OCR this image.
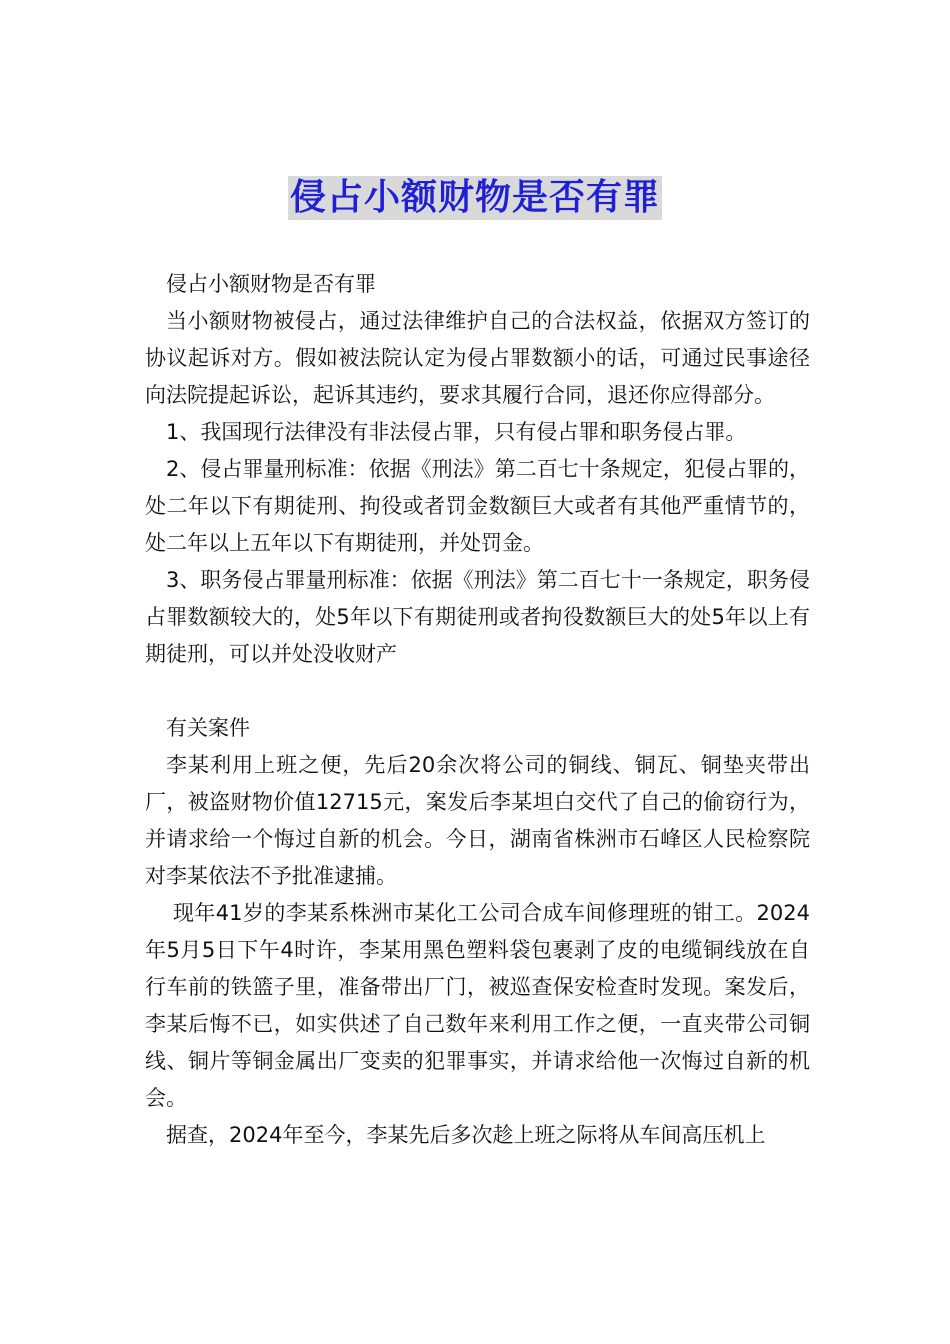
侵占小额财物是否有罪

侵占小额财物是否有罪

当小额财物被侵占，通过法律维护自己的合法权益，依据双方签订的协议起诉对方。假如被法院认定为侵占罪数额小的话，可通过民事途径向法院提起诉讼，起诉其违约，要求其履行合同，退还你应得部分。

1、我国现行法律没有非法侵占罪，只有侵占罪和职务侵占罪。

2、侵占罪量刑标准：依据《刑法》第二百七十条规定，犯侵占罪的，处二年以下有期徒刑、拘役或者罚金数额巨大或者有其他严重情节的，处二年以上五年以下有期徒刑，并处罚金。

3、职务侵占罪量刑标准：依据《刑法》第二百七十一条规定，职务侵占罪数额较大的，处5年以下有期徒刑或者拘役数额巨大的处5年以上有期徒刑，可以并处没收财产

有关案件

李某利用上班之便，先后20余次将公司的铜线、铜瓦、铜垫夹带出厂，被盗财物价值12715元，案发后李某坦白交代了自己的偷窃行为，并请求给一个悔过自新的机会。今日，湖南省株洲市石峰区人民检察院对李某依法不予批准逮捕。

现年41岁的李某系株洲市某化工公司合成车间修理班的钳工。2024年5月5日下午4时许，李某用黑色塑料袋包裹剥了皮的电缆铜线放在自行车前的铁篮子里，准备带出厂门，被巡查保安检查时发现。案发后，李某后悔不已，如实供述了自己数年来利用工作之便，一直夹带公司铜线、铜片等铜金属出厂变卖的犯罪事实，并请求给他一次悔过自新的机会。

据查，2024年至今，李某先后多次趁上班之际将从车间高压机上
